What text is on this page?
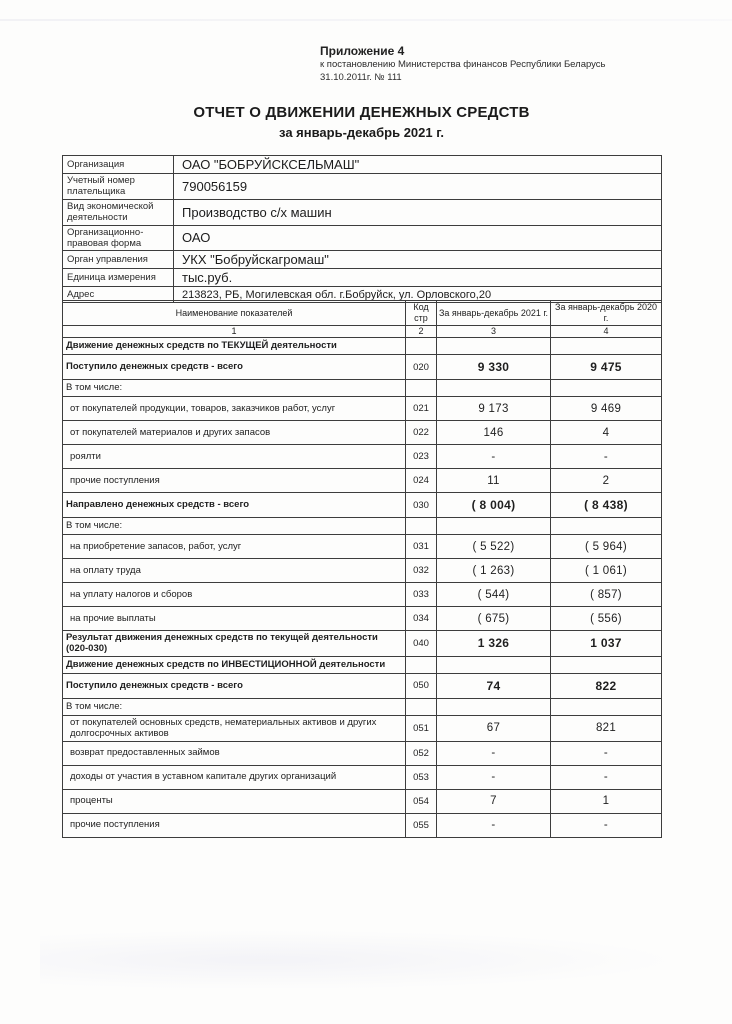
Приложение 4
к постановлению Министерства финансов Республики Беларусь
31.10.2011г. № 111
ОТЧЕТ О ДВИЖЕНИИ ДЕНЕЖНЫХ СРЕДСТВ
за январь-декабрь 2021 г.
Организация	ОАО "БОБРУЙСКСЕЛЬМАШ"
Учетный номер плательщика	790056159
Вид экономической деятельности	Производство с/х машин
Организационно-правовая форма	ОАО
Орган управления	УКХ "Бобруйскагромаш"
Единица измерения	тыс.руб.
Адрес	213823, РБ, Могилевская обл. г.Бобруйск, ул. Орловского,20
Наименование показателей	Код стр	За январь-декабрь 2021 г.	За январь-декабрь 2020 г.
1	2	3	4
Движение денежных средств по ТЕКУЩЕЙ деятельности			
Поступило денежных средств - всего	020	9 330	9 475
В том числе:			
от покупателей продукции, товаров, заказчиков работ, услуг	021	9 173	9 469
от покупателей материалов и других запасов	022	146	4
роялти	023	-	-
прочие поступления	024	11	2
Направлено денежных средств - всего	030	( 8 004)	( 8 438)
В том числе:			
на приобретение запасов, работ, услуг	031	( 5 522)	( 5 964)
на оплату труда	032	( 1 263)	( 1 061)
на уплату налогов и сборов	033	( 544)	( 857)
на прочие выплаты	034	( 675)	( 556)
Результат движения денежных средств по текущей деятельности (020-030)	040	1 326	1 037
Движение денежных средств по ИНВЕСТИЦИОННОЙ деятельности			
Поступило денежных средств - всего	050	74	822
В том числе:			
от покупателей основных средств, нематериальных активов и других долгосрочных активов	051	67	821
возврат предоставленных займов	052	-	-
доходы от участия в уставном капитале других организаций	053	-	-
проценты	054	7	1
прочие поступления	055	-	-
